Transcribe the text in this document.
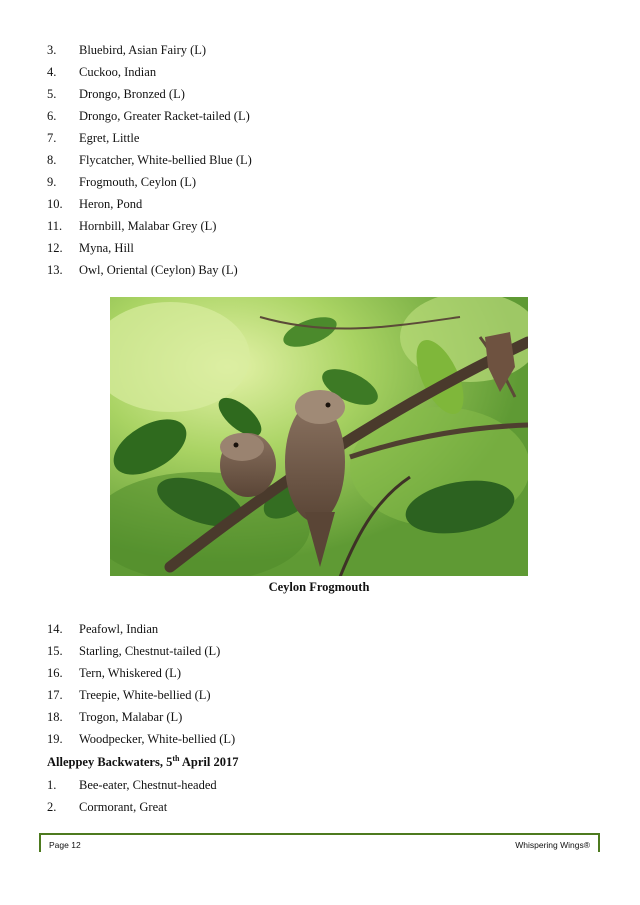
3. Bluebird, Asian Fairy (L)
4. Cuckoo, Indian
5. Drongo, Bronzed (L)
6. Drongo, Greater Racket-tailed (L)
7. Egret, Little
8. Flycatcher, White-bellied Blue (L)
9. Frogmouth, Ceylon (L)
10. Heron, Pond
11. Hornbill, Malabar Grey (L)
12. Myna, Hill
13. Owl, Oriental (Ceylon) Bay (L)
Ceylon Frogmouth
14. Peafowl, Indian
15. Starling, Chestnut-tailed (L)
16. Tern, Whiskered (L)
17. Treepie, White-bellied (L)
18. Trogon, Malabar (L)
19. Woodpecker, White-bellied (L)
Alleppey Backwaters, 5th April 2017
1. Bee-eater, Chestnut-headed
2. Cormorant, Great
Page 12	Whispering Wings®
